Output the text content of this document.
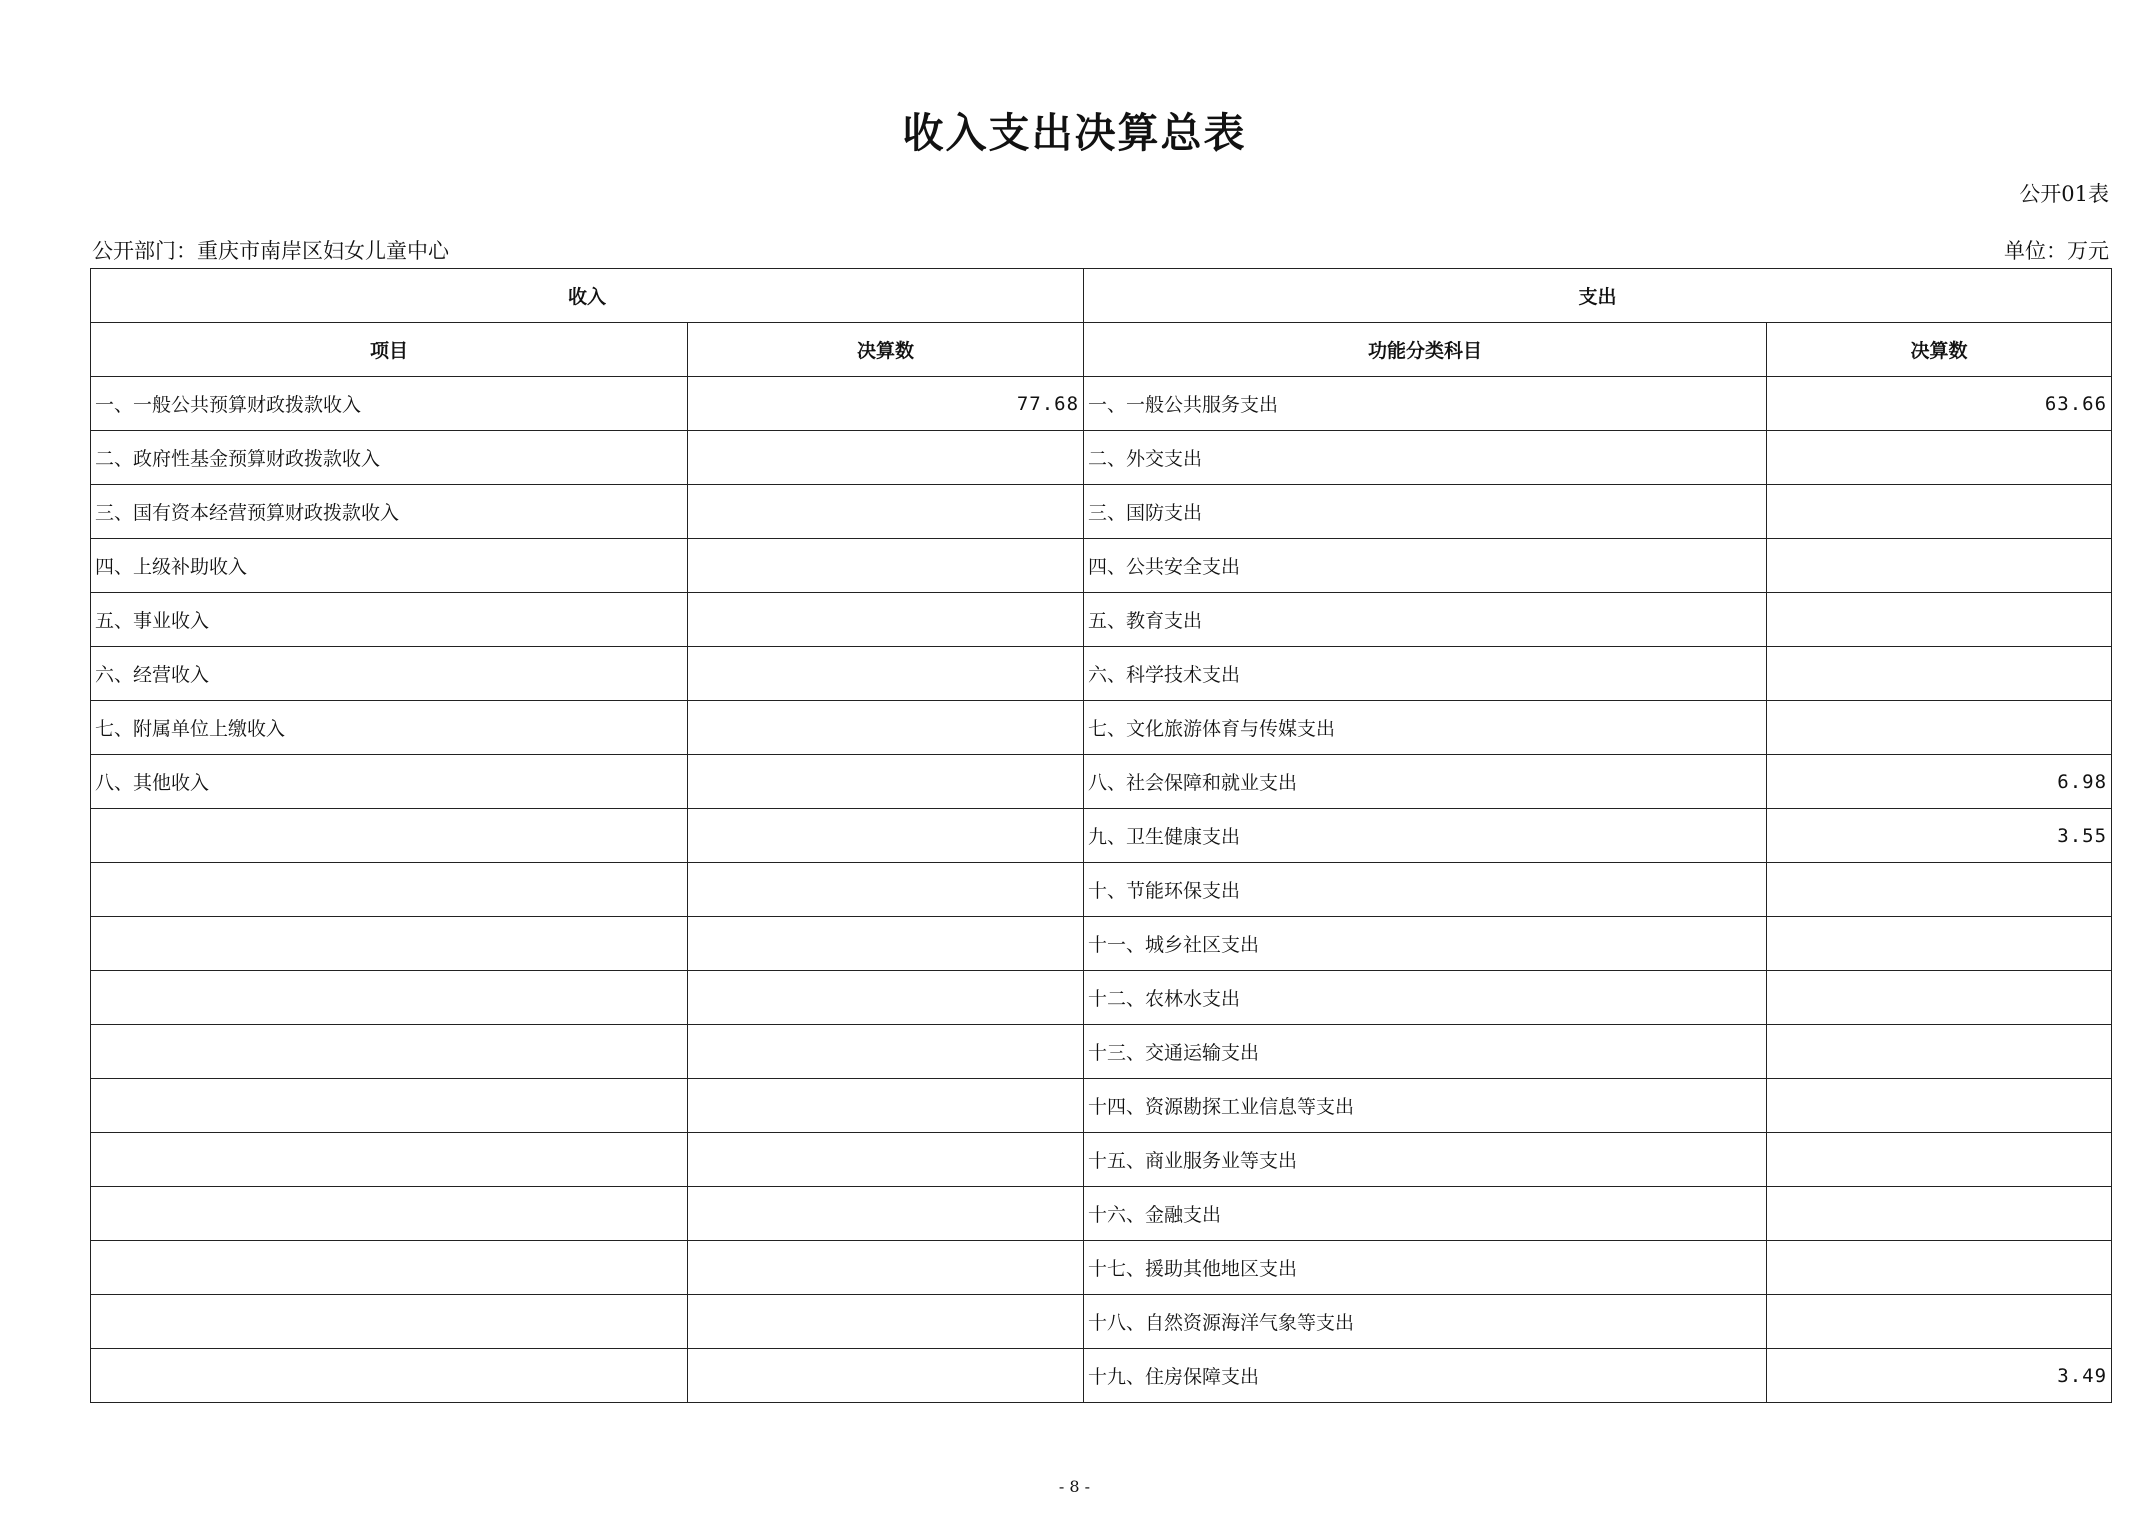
收入支出决算总表
公开01表
公开部门：重庆市南岸区妇女儿童中心	单位：万元
收入		支出	
项目	决算数	功能分类科目	决算数
一、一般公共预算财政拨款收入	77.68	一、一般公共服务支出	63.66
二、政府性基金预算财政拨款收入		二、外交支出	
三、国有资本经营预算财政拨款收入		三、国防支出	
四、上级补助收入		四、公共安全支出	
五、事业收入		五、教育支出	
六、经营收入		六、科学技术支出	
七、附属单位上缴收入		七、文化旅游体育与传媒支出	
八、其他收入		八、社会保障和就业支出	6.98
		九、卫生健康支出	3.55
		十、节能环保支出	
		十一、城乡社区支出	
		十二、农林水支出	
		十三、交通运输支出	
		十四、资源勘探工业信息等支出	
		十五、商业服务业等支出	
		十六、金融支出	
		十七、援助其他地区支出	
		十八、自然资源海洋气象等支出	
		十九、住房保障支出	3.49
- 8 -
